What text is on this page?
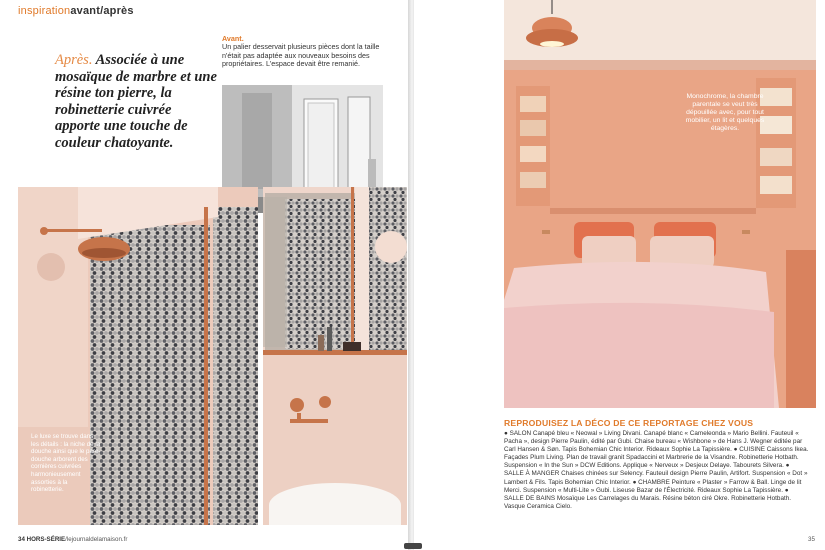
inspirationavant/après
Après. Associée à une mosaïque de marbre et une résine ton pierre, la robinetterie cuivrée apporte une touche de couleur chatoyante.
Avant.
Un palier desservait plusieurs pièces dont la taille n'était pas adaptée aux nouveaux besoins des propriétaires. L'espace devait être remanié.
Le luxe se trouve dans les détails : la niche de la douche ainsi que le pare-douche arborent des cornières cuivrées harmonieusement assorties à la robinetterie.
34 HORS-SÉRIE/lejournaldelamaison.fr
Monochrome, la chambre parentale se veut très dépouillée avec, pour tout mobilier, un lit et quelques étagères.
REPRODUISEZ LA DÉCO DE CE REPORTAGE CHEZ VOUS
● SALON Canapé bleu « Neowal » Living Divani. Canapé blanc « Cameleonda » Mario Bellini. Fauteuil « Pacha », design Pierre Paulin, édité par Gubi. Chaise bureau « Wishbone » de Hans J. Wegner éditée par Carl Hansen & Søn. Tapis Bohemian Chic Interior. Rideaux Sophie La Tapissière. ● CUISINE Caissons Ikea. Façades Plum Living. Plan de travail granit Spadaccini et Marbrerie de la Visandre. Robinetterie Hotbath. Suspension « In the Sun » DCW Editions. Applique « Nerveux » Desjeux Delaye. Tabourets Silvera. ● SALLE À MANGER Chaises chinées sur Selency. Fauteuil design Pierre Paulin, Artifort. Suspension « Dot » Lambert & Fils. Tapis Bohemian Chic Interior. ● CHAMBRE Peinture « Plaster » Farrow & Ball. Linge de lit Merci. Suspension « Multi-Lite » Gubi. Liseuse Bazar de l'Électricité. Rideaux Sophie La Tapissière. ● SALLE DE BAINS Mosaïque Les Carrelages du Marais. Résine béton ciré Okre. Robinetterie Hotbath. Vasque Ceramica Cielo.
35
